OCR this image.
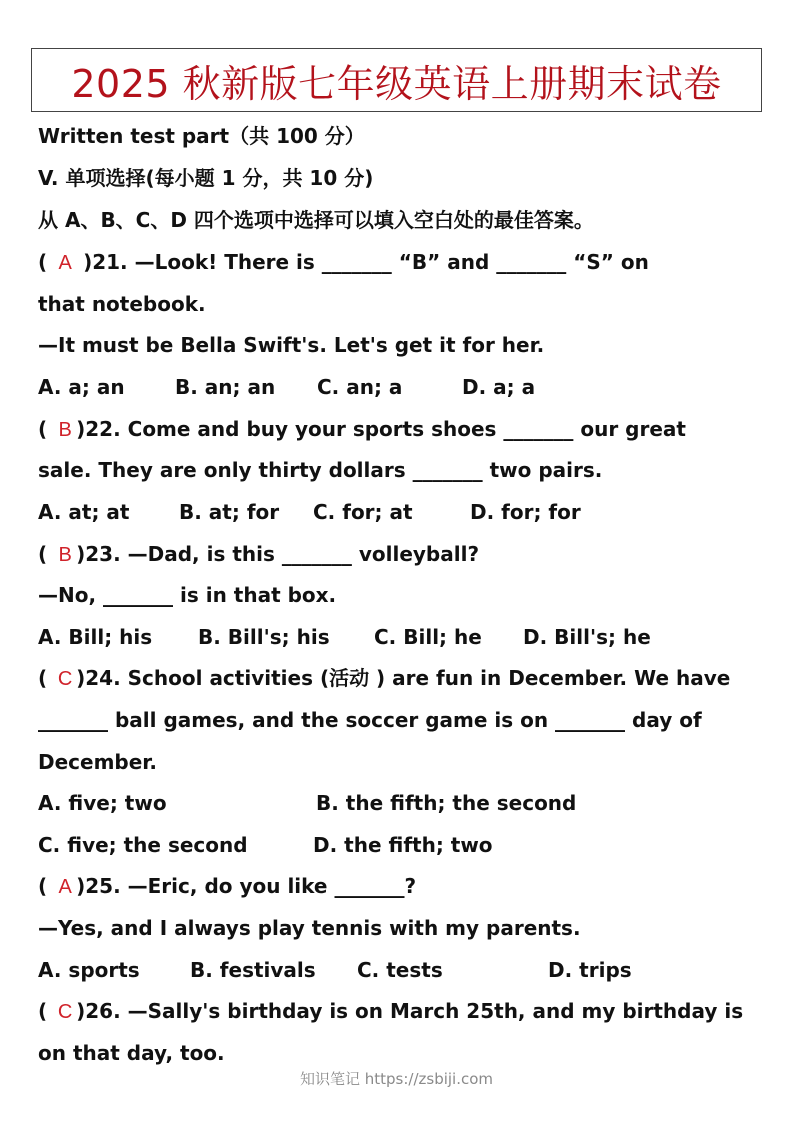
2025 秋新版七年级英语上册期末试卷
Written test part（共 100 分）
V. 单项选择(每小题 1 分，共 10 分)
从 A、B、C、D 四个选项中选择可以填入空白处的最佳答案。
( A )21. —Look! There is _______ “B” and _______ “S” on
that notebook.
—It must be Bella Swift's. Let's get it for her.
A. a; an	B. an; an C. an; a	D. a; a
( B )22. Come and buy your sports shoes _______ our great
sale. They are only thirty dollars _______ two pairs.
A. at; at B. at; for C. for; at	D. for; for
( B )23. —Dad, is this _______ volleyball?
—No, _______ is in that box.
A. Bill; his B. Bill's; his C. Bill; he D. Bill's; he
( C )24. School activities (活动 ) are fun in December. We have
_______ ball games, and the soccer game is on _______ day of
December.
A. five; two	B. the fifth; the second
C. five; the second	D. the fifth; two
( A )25. —Eric, do you like _______?
—Yes, and I always play tennis with my parents.
A. sports	B. festivals C. tests	D. trips
( C )26. —Sally's birthday is on March 25th, and my birthday is
on that day, too.
知识笔记 https://zsbiji.com
